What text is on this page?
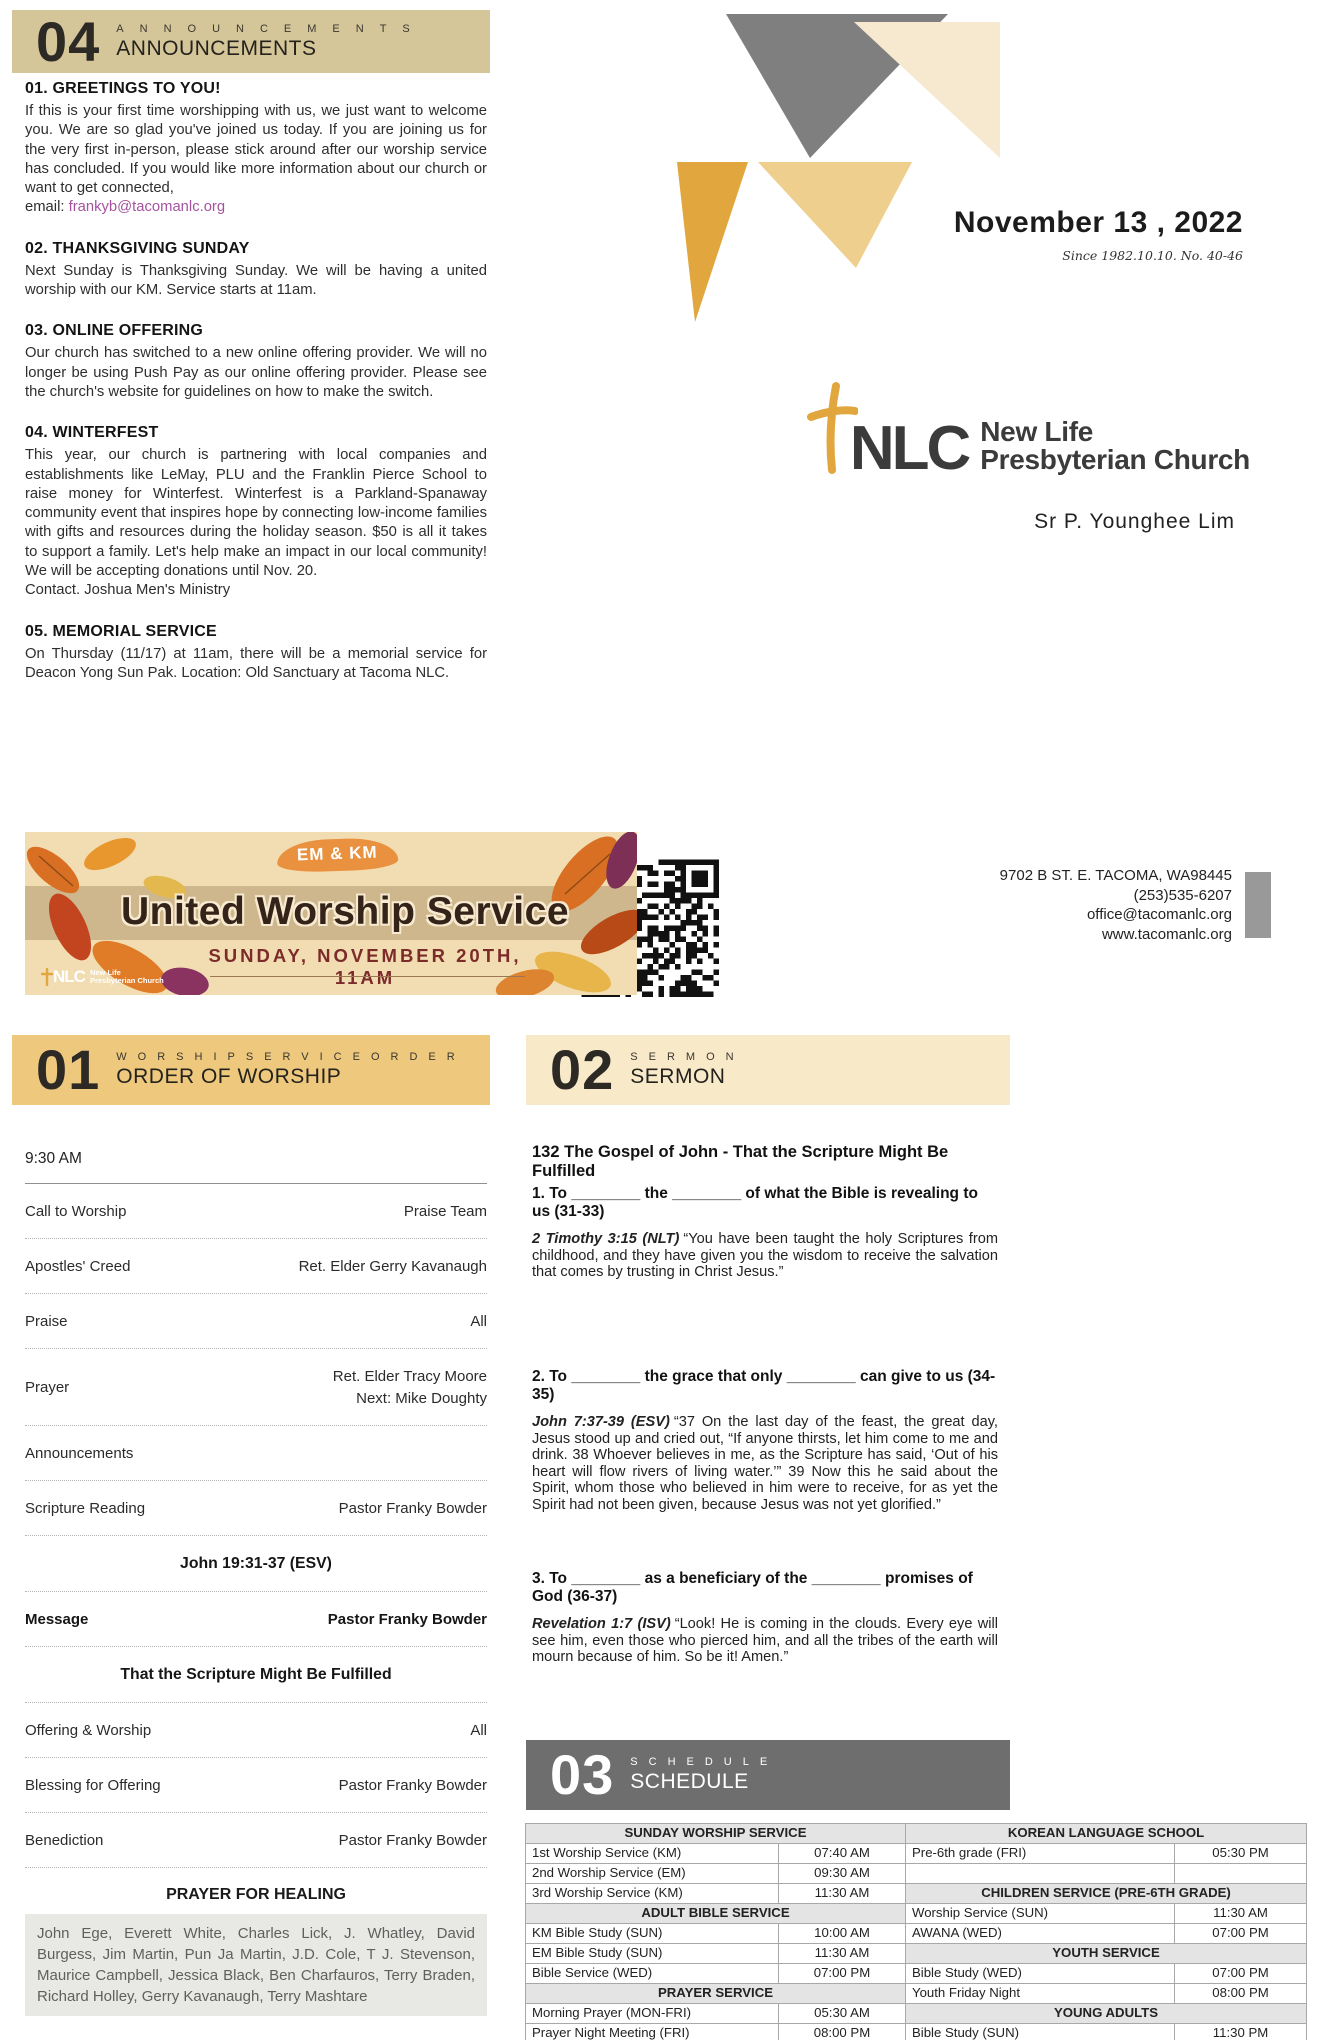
04 ANNOUNCEMENTS
ANNOUNCEMENTS
01. GREETINGS TO YOU!
If this is your first time worshipping with us, we just want to welcome you. We are so glad you've joined us today. If you are joining us for the very first in-person, please stick around after our worship service has concluded. If you would like more information about our church or want to get connected,
email: frankyb@tacomanlc.org
02. THANKSGIVING SUNDAY
Next Sunday is Thanksgiving Sunday. We will be having a united worship with our KM. Service starts at 11am.
03. ONLINE OFFERING
Our church has switched to a new online offering provider. We will no longer be using Push Pay as our online offering provider. Please see the church's website for guidelines on how to make the switch.
04. WINTERFEST
This year, our church is partnering with local companies and establishments like LeMay, PLU and the Franklin Pierce School to raise money for Winterfest. Winterfest is a Parkland-Spanaway community event that inspires hope by connecting low-income families with gifts and resources during the holiday season. $50 is all it takes to support a family. Let's help make an impact in our local community! We will be accepting donations until Nov. 20.
Contact. Joshua Men's Ministry
05. MEMORIAL SERVICE
On Thursday (11/17) at 11am, there will be a memorial service for Deacon Yong Sun Pak. Location: Old Sanctuary at Tacoma NLC.
November 13 , 2022
Since 1982.10.10. No. 40-46
NLC New Life
Presbyterian Church
Sr P. Younghee Lim
9702 B ST. E. TACOMA, WA98445
(253)535-6207
office@tacomanlc.org
www.tacomanlc.org
EM & KM
United Worship Service
SUNDAY, NOVEMBER 20TH, 11AM
NLC New Life
Presbyterian Church
01 WORSHIPSERVICEORDER
ORDER OF WORSHIP
9:30 AM
Call to Worship	Praise Team
Apostles' Creed	Ret. Elder Gerry Kavanaugh
Praise	All
Prayer
Ret. Elder Tracy Moore
Next: Mike Doughty
Announcements
Scripture Reading	Pastor Franky Bowder
John 19:31-37 (ESV)
Message	Pastor Franky Bowder
That the Scripture Might Be Fulfilled
Offering & Worship	All
Blessing for Offering	Pastor Franky Bowder
Benediction	Pastor Franky Bowder
PRAYER FOR HEALING
John Ege, Everett White, Charles Lick, J. Whatley, David Burgess, Jim Martin, Pun Ja Martin, J.D. Cole, T J. Stevenson, Maurice Campbell, Jessica Black, Ben Charfauros, Terry Braden, Richard Holley, Gerry Kavanaugh, Terry Mashtare
02 SERMON
SERMON
132 The Gospel of John - That the Scripture Might Be Fulfilled
1. To ________ the ________ of what the Bible is revealing to us (31-33)
2 Timothy 3:15 (NLT) “You have been taught the holy Scriptures from childhood, and they have given you the wisdom to receive the salvation that comes by trusting in Christ Jesus.”
2. To ________ the grace that only ________ can give to us (34-35)
John 7:37-39 (ESV) “37 On the last day of the feast, the great day, Jesus stood up and cried out, “If anyone thirsts, let him come to me and drink. 38 Whoever believes in me, as the Scripture has said, ‘Out of his heart will flow rivers of living water.’” 39 Now this he said about the Spirit, whom those who believed in him were to receive, for as yet the Spirit had not been given, because Jesus was not yet glorified.”
3. To ________ as a beneficiary of the ________ promises of God (36-37)
Revelation 1:7 (ISV) “Look! He is coming in the clouds. Every eye will see him, even those who pierced him, and all the tribes of the earth will mourn because of him. So be it! Amen.”
03 SCHEDULE
SCHEDULE
SUNDAY WORSHIP SERVICE		KOREAN LANGUAGE SCHOOL	
1st Worship Service (KM)	07:40 AM	Pre-6th grade (FRI)	05:30 PM
2nd Worship Service (EM)	09:30 AM		
3rd Worship Service (KM)	11:30 AM	CHILDREN SERVICE (PRE-6TH GRADE)	
ADULT BIBLE SERVICE		Worship Service (SUN)	11:30 AM
KM Bible Study (SUN)	10:00 AM	AWANA (WED)	07:00 PM
EM Bible Study (SUN)	11:30 AM	YOUTH SERVICE	
Bible Service (WED)	07:00 PM	Bible Study (WED)	07:00 PM
PRAYER SERVICE		Youth Friday Night	08:00 PM
Morning Prayer (MON-FRI)	05:30 AM	YOUNG ADULTS	
Prayer Night Meeting (FRI)	08:00 PM	Bible Study (SUN)	11:30 PM
